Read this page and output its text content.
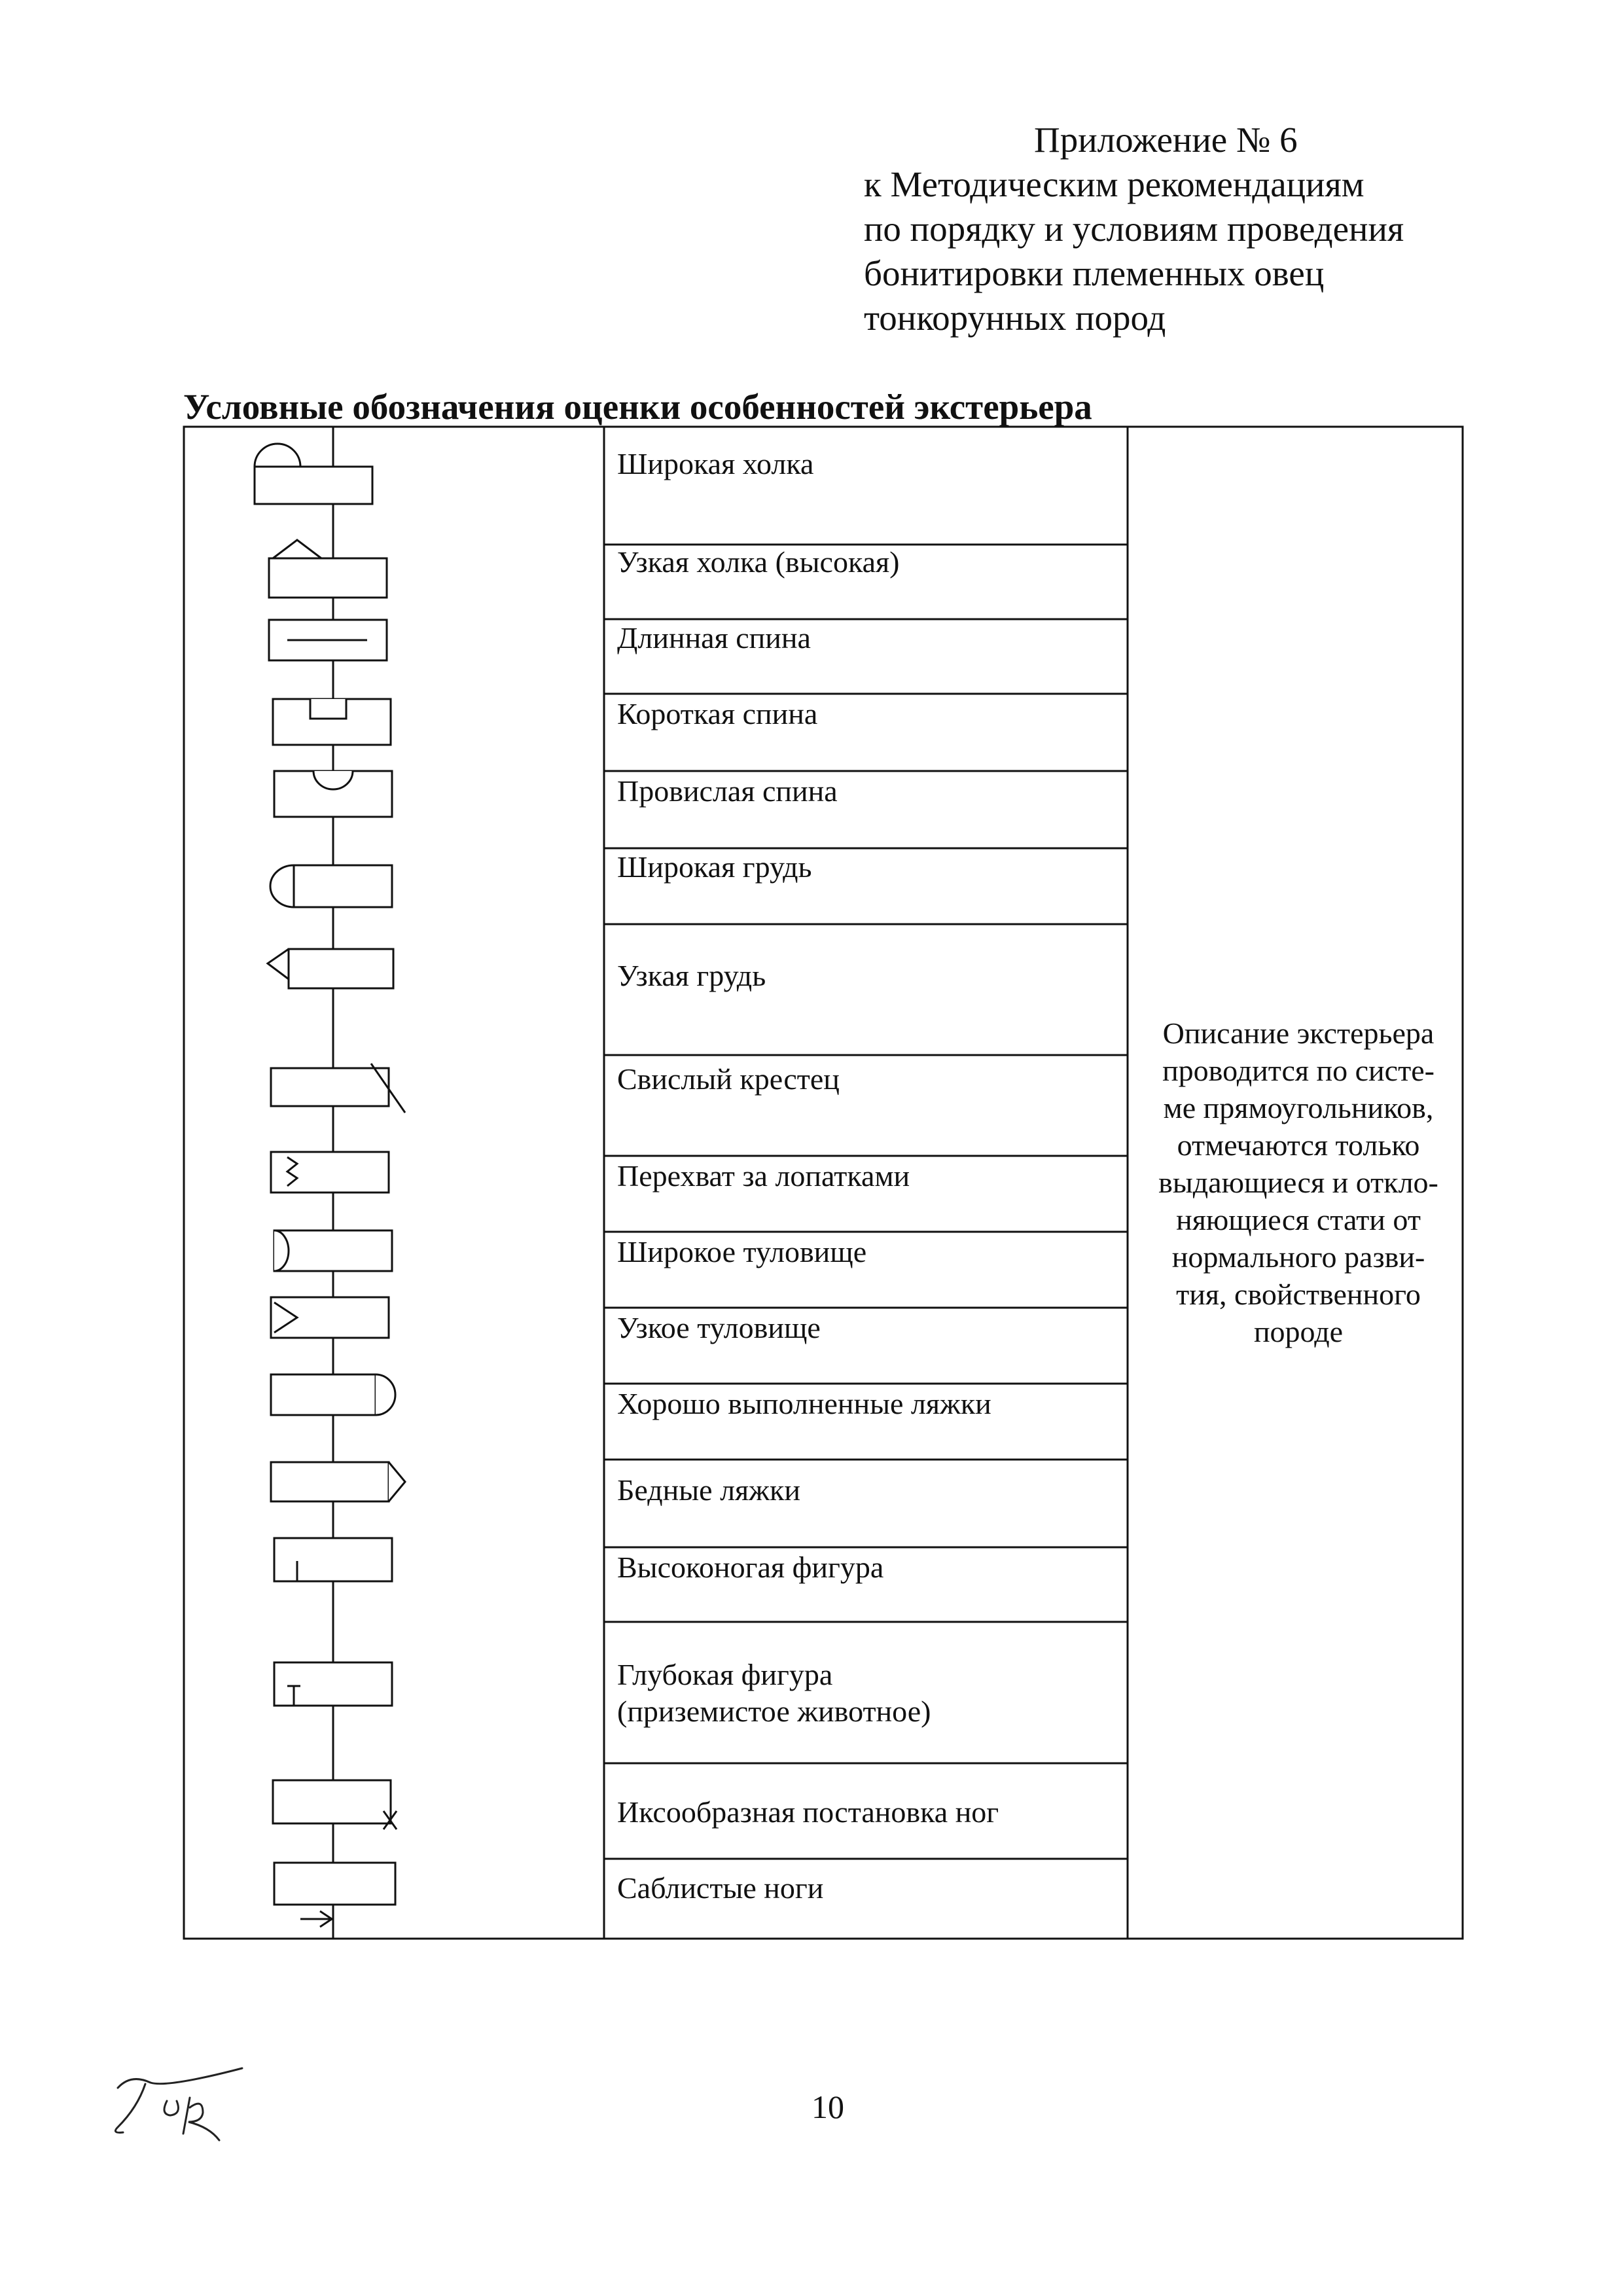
Приложение № 6
к Методическим рекомендациям
по порядку и условиям проведения
бонитировки племенных овец
тонкорунных пород
Условные обозначения оценки особенностей экстерьера
Широкая холка
Узкая холка (высокая)
Длинная спина
Короткая спина
Провислая спина
Широкая грудь
Узкая грудь
Свислый крестец
Перехват за лопатками
Широкое туловище
Узкое туловище
Хорошо выполненные ляжки
Бедные ляжки
Высоконогая фигура
Глубокая фигура
(приземистое животное)
Иксообразная постановка ног
Саблистые ноги
Описание экстерьера
проводится по систе-
ме прямоугольников,
отмечаются только
выдающиеся и откло-
няющиеся стати от
нормального разви-
тия, свойственного
породе
10
